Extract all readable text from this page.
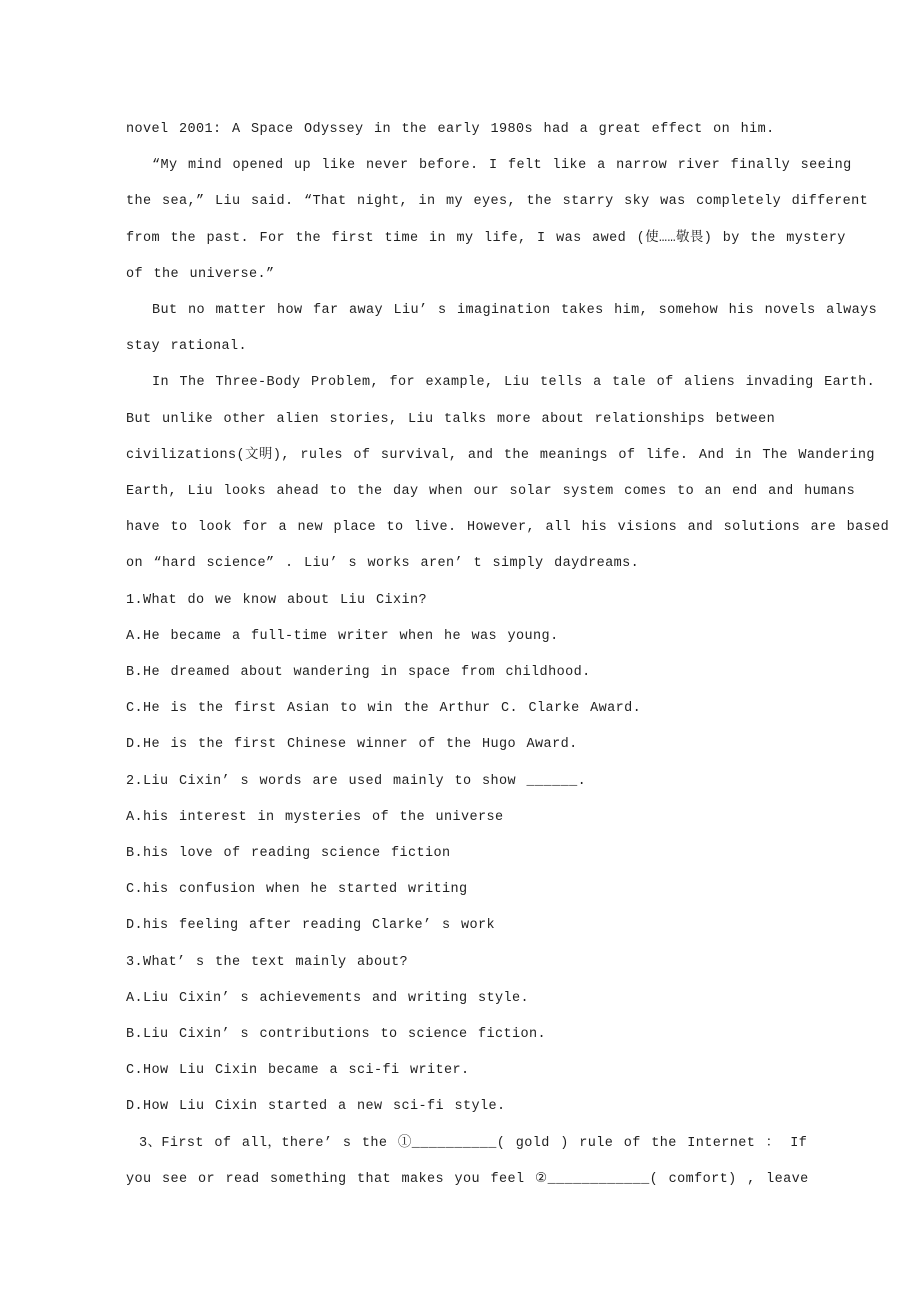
novel 2001: A Space Odyssey in the early 1980s had a great effect on him.
“My mind opened up like never before. I felt like a narrow river finally seeing
the sea,” Liu said. “That night, in my eyes, the starry sky was completely different
from the past. For the first time in my life, I was awed (使……敬畏) by the mystery
of the universe.”
But no matter how far away Liu’ s imagination takes him, somehow his novels always
stay rational.
In The Three-Body Problem, for example, Liu tells a tale of aliens invading Earth.
But unlike other alien stories, Liu talks more about relationships between
civilizations(文明), rules of survival, and the meanings of life. And in The Wandering
Earth, Liu looks ahead to the day when our solar system comes to an end and humans
have to look for a new place to live. However, all his visions and solutions are based
on “hard science” . Liu’ s works aren’ t simply daydreams.
1.What do we know about Liu Cixin?
A.He became a full-time writer when he was young.
B.He dreamed about wandering in space from childhood.
C.He is the first Asian to win the Arthur C. Clarke Award.
D.He is the first Chinese winner of the Hugo Award.
2.Liu Cixin’ s words are used mainly to show ______.
A.his interest in mysteries of the universe
B.his love of reading science fiction
C.his confusion when he started writing
D.his feeling after reading Clarke’ s work
3.What’ s the text mainly about?
A.Liu Cixin’ s achievements and writing style.
B.Liu Cixin’ s contributions to science fiction.
C.How Liu Cixin became a sci-fi writer.
D.How Liu Cixin started a new sci-fi style.
3、First of all，there’ s the ①__________( gold ) rule of the Internet ： If
you see or read something that makes you feel ②____________( comfort) , leave
